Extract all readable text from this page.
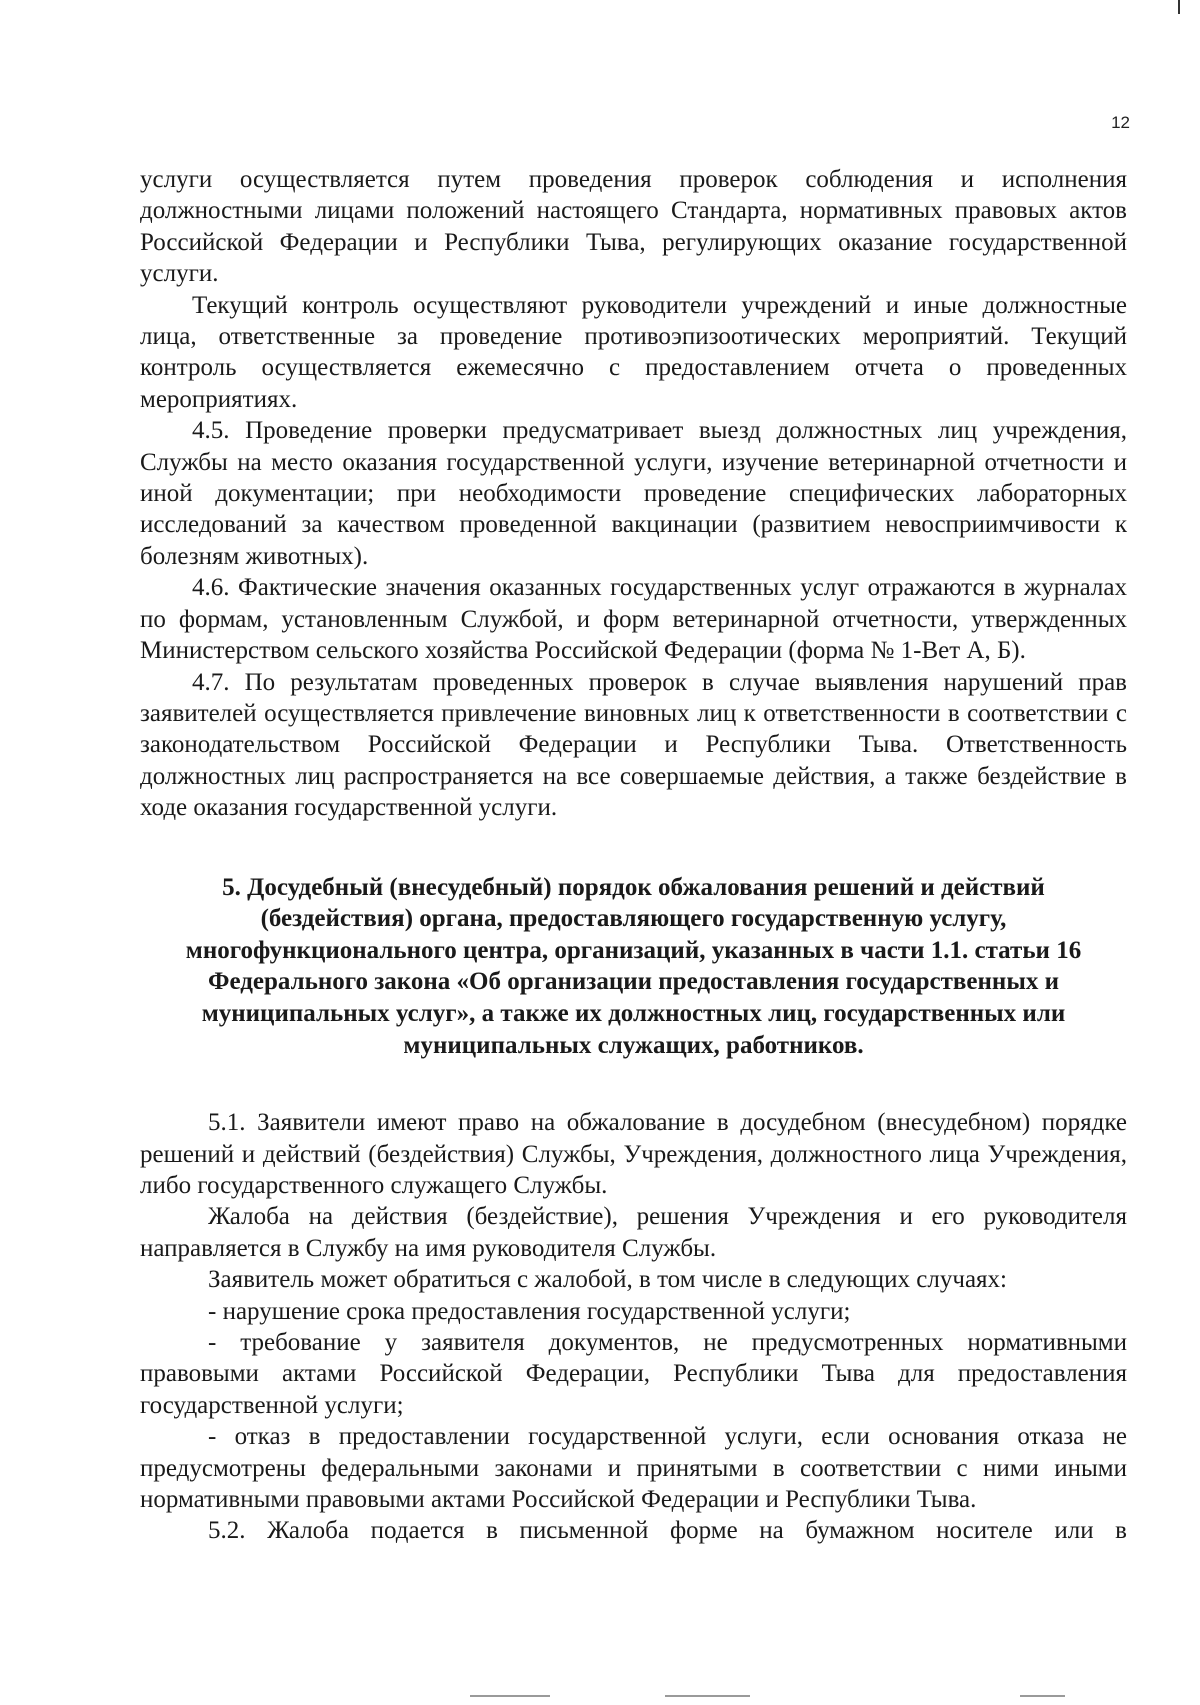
12

услуги осуществляется путем проведения проверок соблюдения и исполнения должностными лицами положений настоящего Стандарта, нормативных правовых актов Российской Федерации и Республики Тыва, регулирующих оказание государственной услуги.

Текущий контроль осуществляют руководители учреждений и иные должностные лица, ответственные за проведение противоэпизоотических мероприятий. Текущий контроль осуществляется ежемесячно с предоставлением отчета о проведенных мероприятиях.

4.5. Проведение проверки предусматривает выезд должностных лиц учреждения, Службы на место оказания государственной услуги, изучение ветеринарной отчетности и иной документации; при необходимости проведение специфических лабораторных исследований за качеством проведенной вакцинации (развитием невосприимчивости к болезням животных).

4.6. Фактические значения оказанных государственных услуг отражаются в журналах по формам, установленным Службой, и форм ветеринарной отчетности, утвержденных Министерством сельского хозяйства Российской Федерации (форма № 1-Вет А, Б).

4.7. По результатам проведенных проверок в случае выявления нарушений прав заявителей осуществляется привлечение виновных лиц к ответственности в соответствии с законодательством Российской Федерации и Республики Тыва. Ответственность должностных лиц распространяется на все совершаемые действия, а также бездействие в ходе оказания государственной услуги.

5. Досудебный (внесудебный) порядок обжалования решений и действий
(бездействия) органа, предоставляющего государственную услугу,
многофункционального центра, организаций, указанных в части 1.1. статьи 16
Федерального закона «Об организации предоставления государственных и
муниципальных услуг», а также их должностных лиц, государственных или
муниципальных служащих, работников.

5.1. Заявители имеют право на обжалование в досудебном (внесудебном) порядке решений и действий (бездействия) Службы, Учреждения, должностного лица Учреждения, либо государственного служащего Службы.

Жалоба на действия (бездействие), решения Учреждения и его руководителя направляется в Службу на имя руководителя Службы.

Заявитель может обратиться с жалобой, в том числе в следующих случаях:

- нарушение срока предоставления государственной услуги;

- требование у заявителя документов, не предусмотренных нормативными правовыми актами Российской Федерации, Республики Тыва для предоставления государственной услуги;

- отказ в предоставлении государственной услуги, если основания отказа не предусмотрены федеральными законами и принятыми в соответствии с ними иными нормативными правовыми актами Российской Федерации и Республики Тыва.

5.2. Жалоба подается в письменной форме на бумажном носителе или в
